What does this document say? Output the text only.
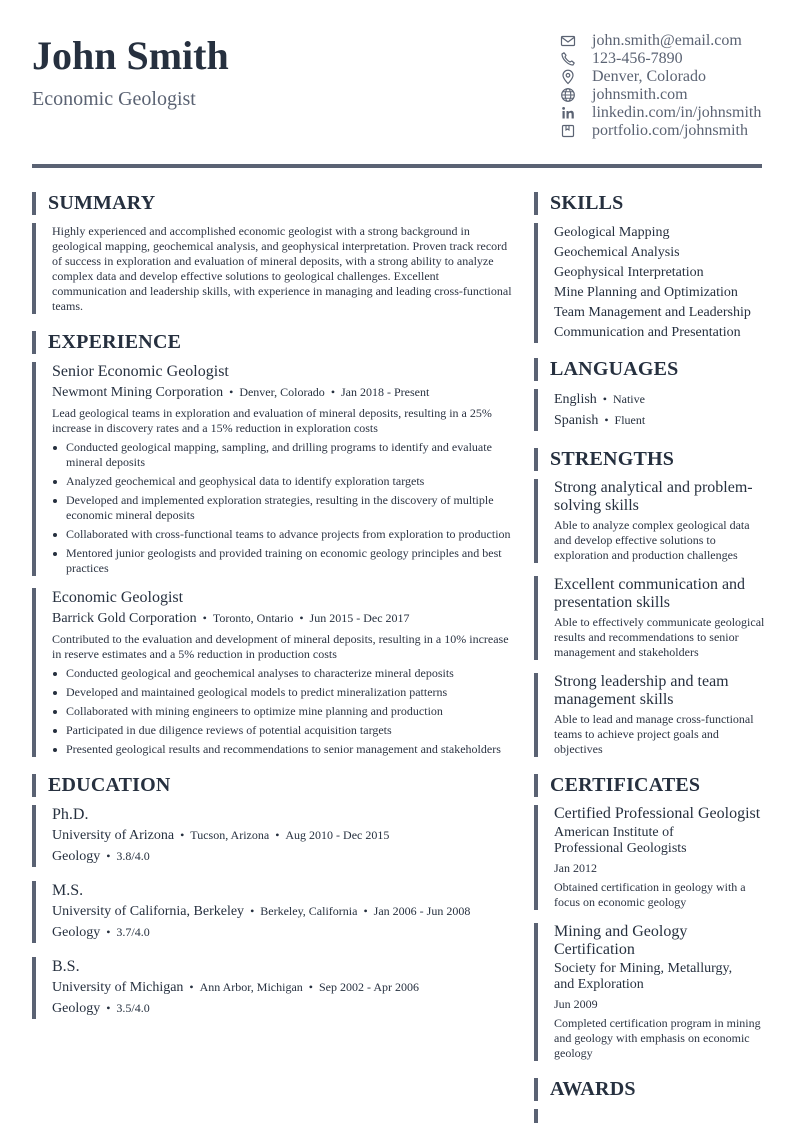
John Smith
Economic Geologist
john.smith@email.com
123-456-7890
Denver, Colorado
johnsmith.com
linkedin.com/in/johnsmith
portfolio.com/johnsmith
SUMMARY

Highly experienced and accomplished economic geologist with a strong background in geological mapping, geochemical analysis, and geophysical interpretation. Proven track record of success in exploration and evaluation of mineral deposits, with a strong ability to analyze complex data and develop effective solutions to geological challenges. Excellent communication and leadership skills, with experience in managing and leading cross-functional teams.

EXPERIENCE
Senior Economic Geologist
Newmont Mining Corporation • Denver, Colorado • Jan 2018 - Present

Lead geological teams in exploration and evaluation of mineral deposits, resulting in a 25% increase in discovery rates and a 15% reduction in exploration costs

Conducted geological mapping, sampling, and drilling programs to identify and evaluate mineral deposits
Analyzed geochemical and geophysical data to identify exploration targets
Developed and implemented exploration strategies, resulting in the discovery of multiple economic mineral deposits
Collaborated with cross-functional teams to advance projects from exploration to production
Mentored junior geologists and provided training on economic geology principles and best practices
Economic Geologist
Barrick Gold Corporation • Toronto, Ontario • Jun 2015 - Dec 2017

Contributed to the evaluation and development of mineral deposits, resulting in a 10% increase in reserve estimates and a 5% reduction in production costs

Conducted geological and geochemical analyses to characterize mineral deposits
Developed and maintained geological models to predict mineralization patterns
Collaborated with mining engineers to optimize mine planning and production
Participated in due diligence reviews of potential acquisition targets
Presented geological results and recommendations to senior management and stakeholders
EDUCATION
Ph.D.
University of Arizona • Tucson, Arizona • Aug 2010 - Dec 2015
Geology • 3.8/4.0
M.S.
University of California, Berkeley • Berkeley, California • Jan 2006 - Jun 2008
Geology • 3.7/4.0
B.S.
University of Michigan • Ann Arbor, Michigan • Sep 2002 - Apr 2006
Geology • 3.5/4.0
SKILLS
Geological Mapping
Geochemical Analysis
Geophysical Interpretation
Mine Planning and Optimization
Team Management and Leadership
Communication and Presentation
LANGUAGES
English • Native
Spanish • Fluent
STRENGTHS
Strong analytical and problem-solving skills

Able to analyze complex geological data and develop effective solutions to exploration and production challenges

Excellent communication and presentation skills

Able to effectively communicate geological results and recommendations to senior management and stakeholders

Strong leadership and team management skills

Able to lead and manage cross-functional teams to achieve project goals and objectives

CERTIFICATES
Certified Professional Geologist
American Institute of Professional Geologists
Jan 2012

Obtained certification in geology with a focus on economic geology

Mining and Geology Certification
Society for Mining, Metallurgy, and Exploration
Jun 2009

Completed certification program in mining and geology with emphasis on economic geology

AWARDS
